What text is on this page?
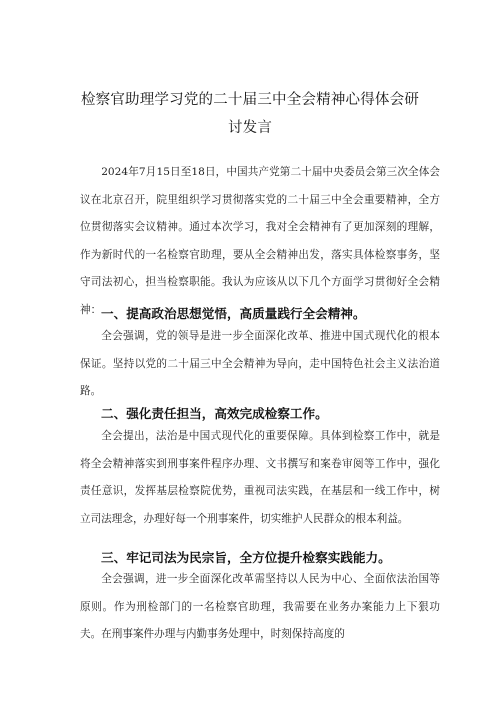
检察官助理学习党的二十届三中全会精神心得体会研
讨发言

2024年7月15日至18日，中国共产党第二十届中央委员会第三次全体会议在北京召开，院里组织学习贯彻落实党的二十届三中全会重要精神，全方位贯彻落实会议精神。通过本次学习，我对全会精神有了更加深刻的理解，作为新时代的一名检察官助理，要从全会精神出发，落实具体检察事务，坚守司法初心，担当检察职能。我认为应该从以下几个方面学习贯彻好全会精神： 一、提高政治思想觉悟，高质量践行全会精神。

全会强调，党的领导是进一步全面深化改革、推进中国式现代化的根本保证。坚持以党的二十届三中全会精神为导向，走中国特色社会主义法治道路。

二、强化责任担当，高效完成检察工作。

全会提出，法治是中国式现代化的重要保障。具体到检察工作中，就是将全会精神落实到刑事案件程序办理、文书撰写和案卷审阅等工作中，强化责任意识，发挥基层检察院优势，重视司法实践，在基层和一线工作中，树立司法理念，办理好每一个刑事案件，切实维护人民群众的根本利益。

三、牢记司法为民宗旨，全方位提升检察实践能力。

全会强调，进一步全面深化改革需坚持以人民为中心、全面依法治国等原则。作为刑检部门的一名检察官助理，我需要在业务办案能力上下狠功夫。在刑事案件办理与内勤事务处理中，时刻保持高度的
